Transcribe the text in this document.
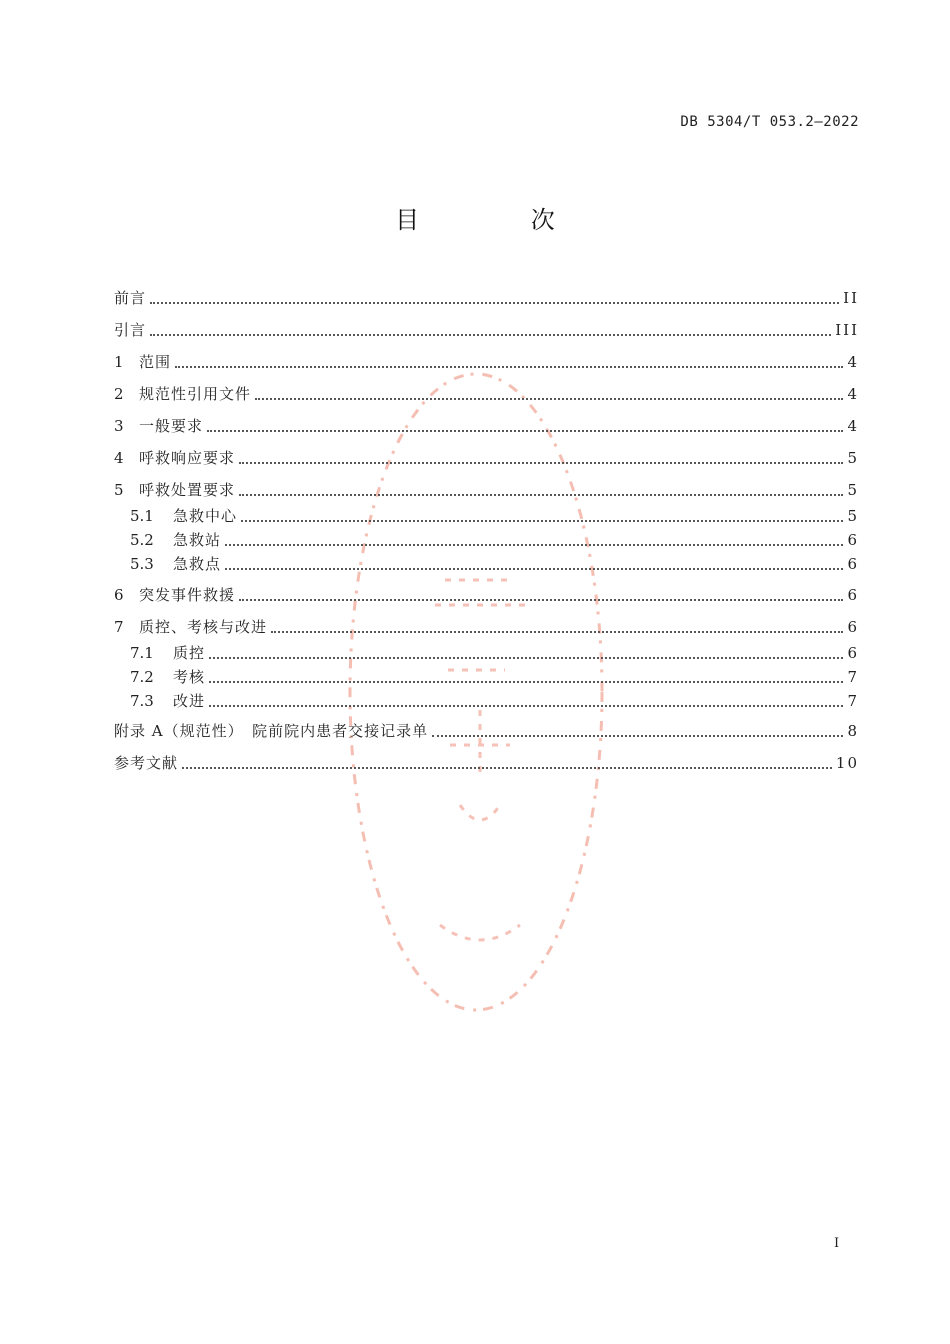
DB 5304/T 053.2—2022
目 次
前言	II
引言	III
1	范围	4
2	规范性引用文件	4
3	一般要求	4
4	呼救响应要求	5
5	呼救处置要求	5
5.1	急救中心	5
5.2	急救站	6
5.3	急救点	6
6	突发事件救援	6
7	质控、考核与改进	6
7.1	质控	6
7.2	考核	7
7.3	改进	7
附录 A（规范性）　院前院内患者交接记录单	8
参考文献	10
I
